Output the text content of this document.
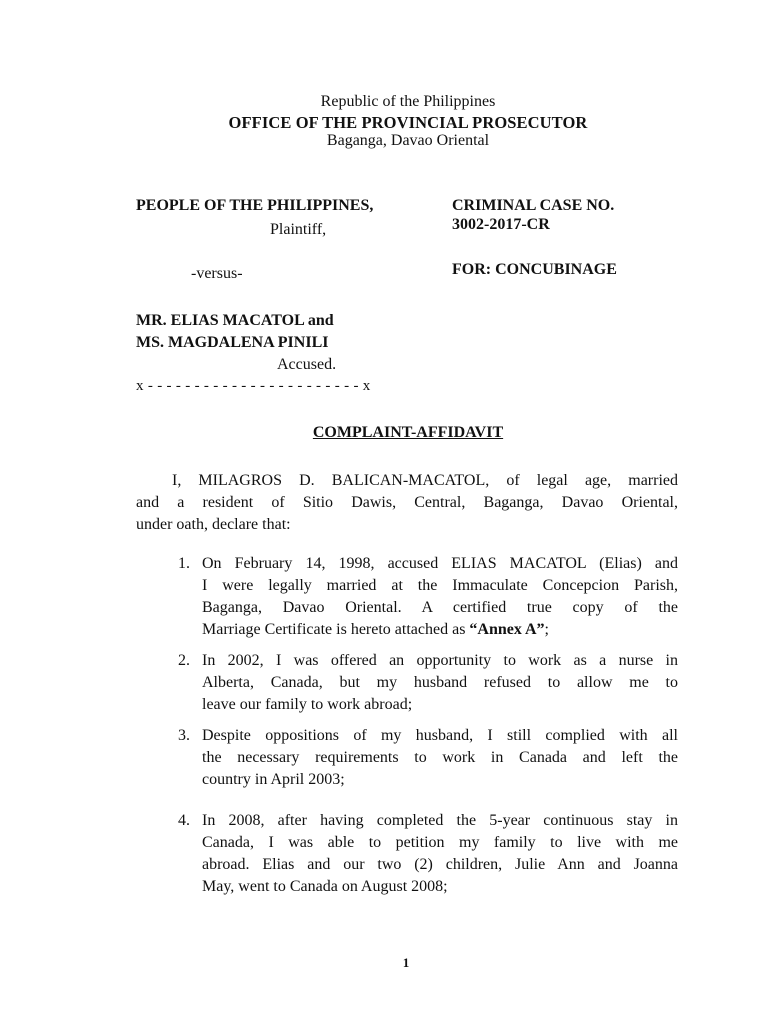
Republic of the Philippines
OFFICE OF THE PROVINCIAL PROSECUTOR
Baganga, Davao Oriental
PEOPLE OF THE PHILIPPINES,
Plaintiff,
-versus-
MR. ELIAS MACATOL and
MS. MAGDALENA PINILI
Accused.
x - - - - - - - - - - - - - - - - - - - - - - - x
CRIMINAL CASE NO.
3002-2017-CR
FOR: CONCUBINAGE
COMPLAINT-AFFIDAVIT
I, MILAGROS D. BALICAN-MACATOL, of legal age, married
and a resident of Sitio Dawis, Central, Baganga, Davao Oriental,
under oath, declare that:
1. On February 14, 1998, accused ELIAS MACATOL (Elias) and
I were legally married at the Immaculate Concepcion Parish,
Baganga, Davao Oriental. A certified true copy of the
Marriage Certificate is hereto attached as “Annex A”;
2. In 2002, I was offered an opportunity to work as a nurse in
Alberta, Canada, but my husband refused to allow me to
leave our family to work abroad;
3. Despite oppositions of my husband, I still complied with all
the necessary requirements to work in Canada and left the
country in April 2003;
4. In 2008, after having completed the 5-year continuous stay in
Canada, I was able to petition my family to live with me
abroad. Elias and our two (2) children, Julie Ann and Joanna
May, went to Canada on August 2008;
1
